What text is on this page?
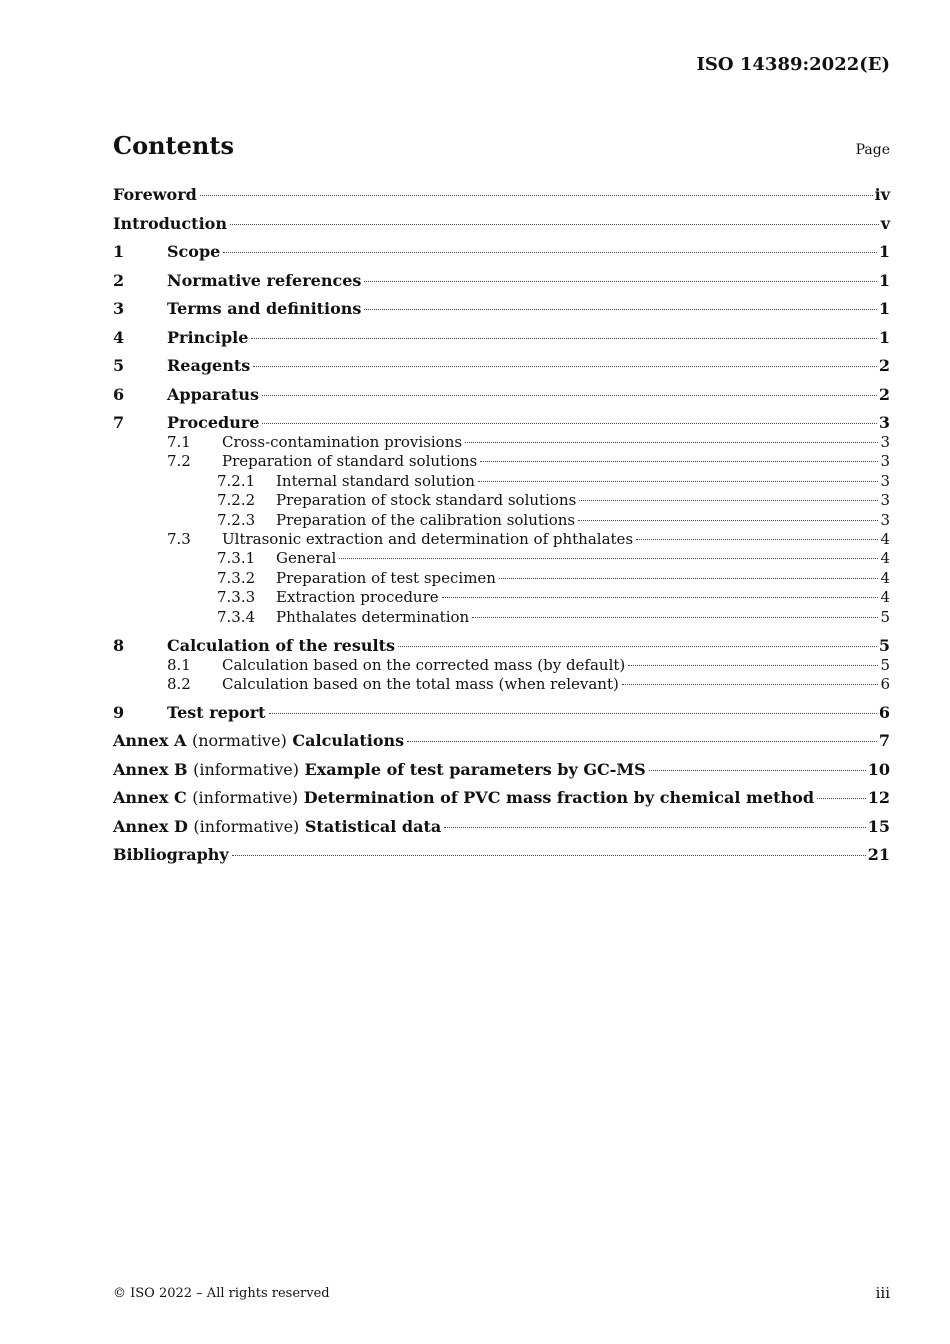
ISO 14389:2022(E)
Contents	Page
Foreword	iv
Introduction	v
1	Scope	1
2	Normative references	1
3	Terms and definitions	1
4	Principle	1
5	Reagents	2
6	Apparatus	2
7	Procedure	3
7.1	Cross-contamination provisions	3
7.2	Preparation of standard solutions	3
7.2.1	Internal standard solution	3
7.2.2	Preparation of stock standard solutions	3
7.2.3	Preparation of the calibration solutions	3
7.3	Ultrasonic extraction and determination of phthalates	4
7.3.1	General	4
7.3.2	Preparation of test specimen	4
7.3.3	Extraction procedure	4
7.3.4	Phthalates determination	5
8	Calculation of the results	5
8.1	Calculation based on the corrected mass (by default)	5
8.2	Calculation based on the total mass (when relevant)	6
9	Test report	6
Annex A (normative) Calculations	7
Annex B (informative) Example of test parameters by GC-MS	10
Annex C (informative) Determination of PVC mass fraction by chemical method	12
Annex D (informative) Statistical data	15
Bibliography	21
© ISO 2022 – All rights reserved	iii
